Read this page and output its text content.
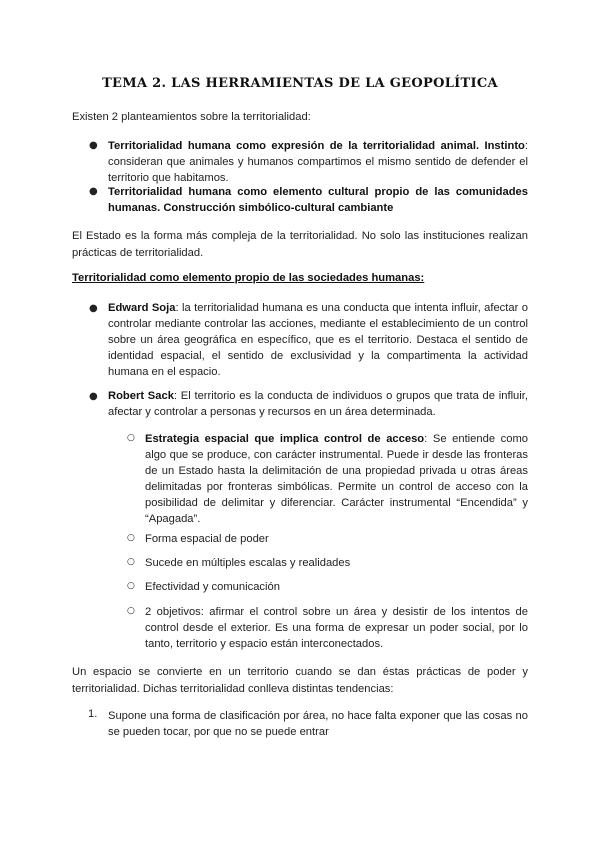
TEMA 2. LAS HERRAMIENTAS DE LA GEOPOLÍTICA
Existen 2 planteamientos sobre la territorialidad:
● Territorialidad humana como expresión de la territorialidad animal. Instinto: consideran que animales y humanos compartimos el mismo sentido de defender el territorio que habitamos.
● Territorialidad humana como elemento cultural propio de las comunidades humanas. Construcción simbólico-cultural cambiante
El Estado es la forma más compleja de la territorialidad. No solo las instituciones realizan prácticas de territorialidad.
Territorialidad como elemento propio de las sociedades humanas:
● Edward Soja: la territorialidad humana es una conducta que intenta influir, afectar o controlar mediante controlar las acciones, mediante el establecimiento de un control sobre un área geográfica en específico, que es el territorio. Destaca el sentido de identidad espacial, el sentido de exclusividad y la compartimenta la actividad humana en el espacio.
● Robert Sack: El territorio es la conducta de individuos o grupos que trata de influir, afectar y controlar a personas y recursos en un área determinada.
○ Estrategia espacial que implica control de acceso: Se entiende como algo que se produce, con carácter instrumental. Puede ir desde las fronteras de un Estado hasta la delimitación de una propiedad privada u otras áreas delimitadas por fronteras simbólicas. Permite un control de acceso con la posibilidad de delimitar y diferenciar. Carácter instrumental “Encendida” y “Apagada”.
○ Forma espacial de poder
○ Sucede en múltiples escalas y realidades
○ Efectividad y comunicación
○ 2 objetivos: afirmar el control sobre un área y desistir de los intentos de control desde el exterior. Es una forma de expresar un poder social, por lo tanto, territorio y espacio están interconectados.
Un espacio se convierte en un territorio cuando se dan éstas prácticas de poder y territorialidad. Dichas territorialidad conlleva distintas tendencias:
1. Supone una forma de clasificación por área, no hace falta exponer que las cosas no se pueden tocar, por que no se puede entrar
